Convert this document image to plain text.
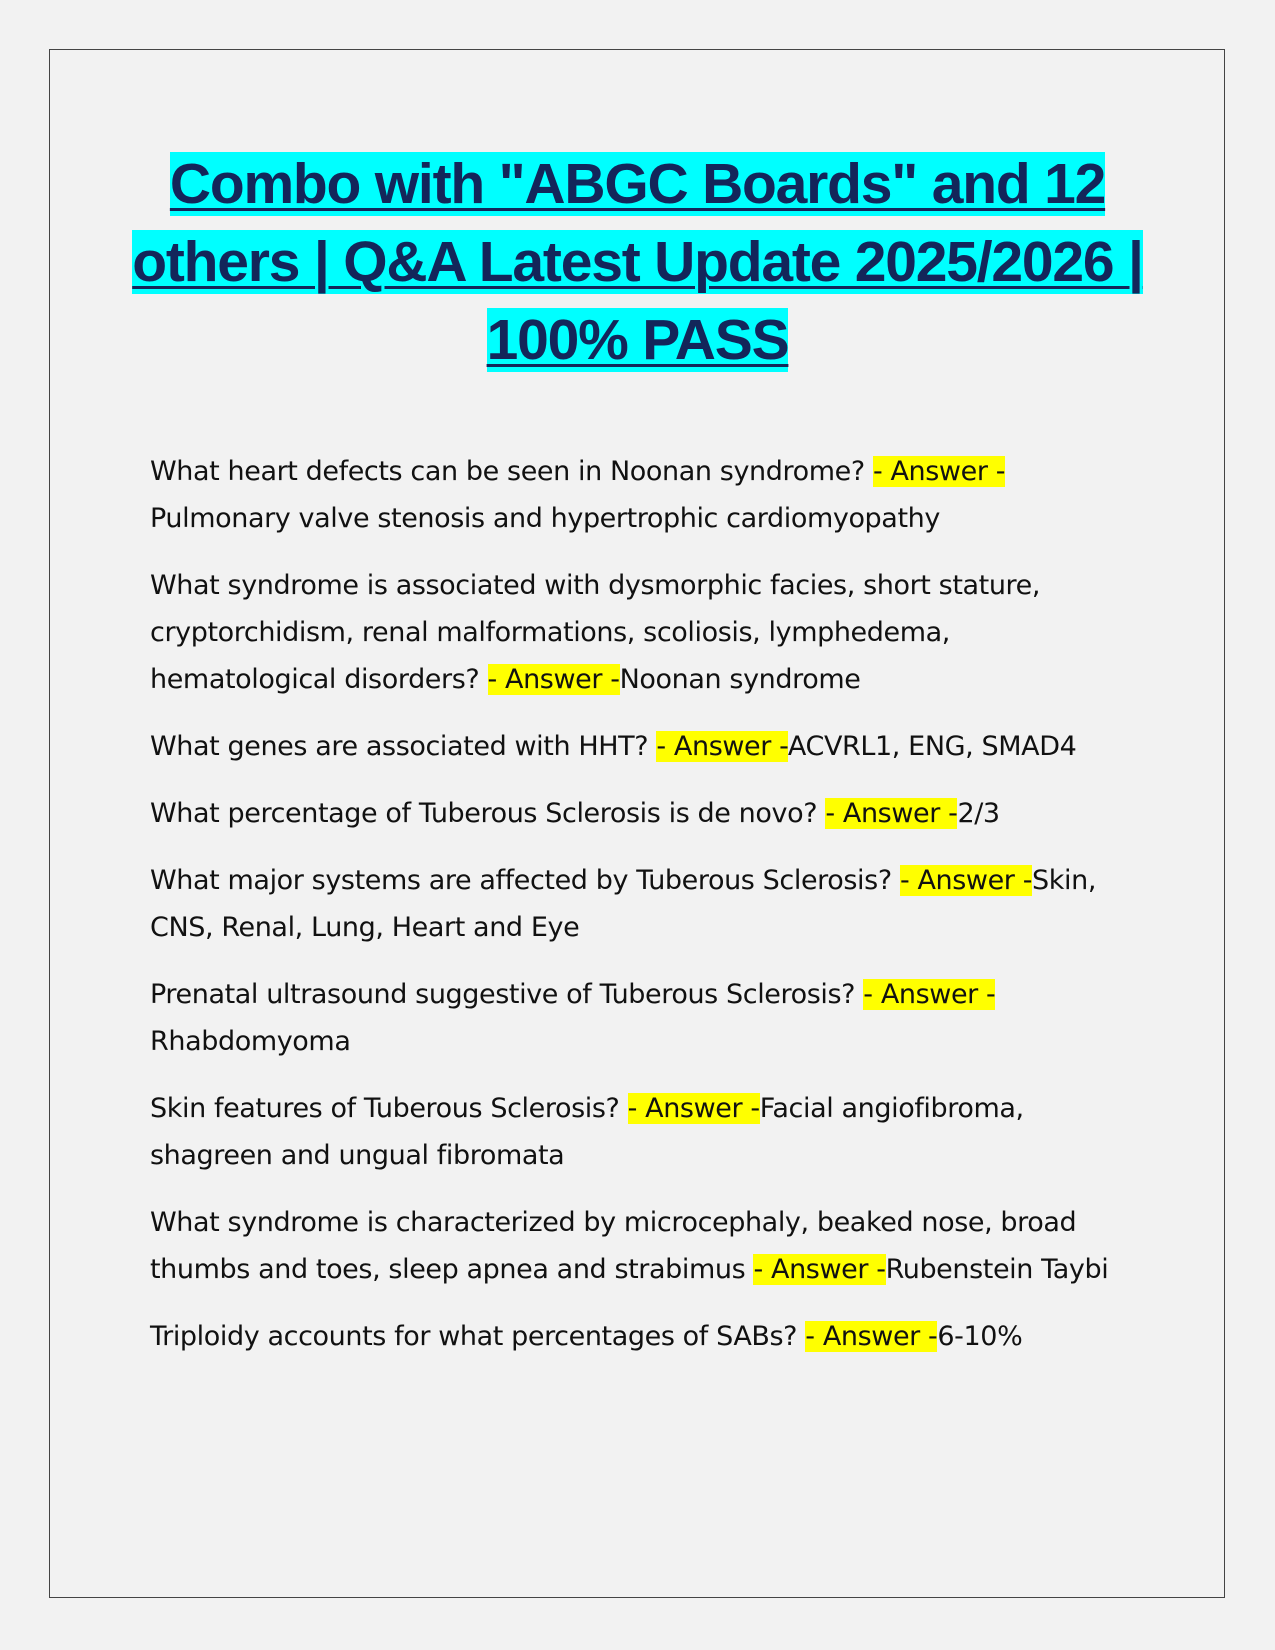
Combo with "ABGC Boards" and 12 others | Q&A Latest Update 2025/2026 | 100% PASS
What heart defects can be seen in Noonan syndrome? - Answer -Pulmonary valve stenosis and hypertrophic cardiomyopathy
What syndrome is associated with dysmorphic facies, short stature, cryptorchidism, renal malformations, scoliosis, lymphedema, hematological disorders? - Answer -Noonan syndrome
What genes are associated with HHT? - Answer -ACVRL1, ENG, SMAD4
What percentage of Tuberous Sclerosis is de novo? - Answer -2/3
What major systems are affected by Tuberous Sclerosis? - Answer -Skin, CNS, Renal, Lung, Heart and Eye
Prenatal ultrasound suggestive of Tuberous Sclerosis? - Answer -Rhabdomyoma
Skin features of Tuberous Sclerosis? - Answer -Facial angiofibroma, shagreen and ungual fibromata
What syndrome is characterized by microcephaly, beaked nose, broad thumbs and toes, sleep apnea and strabimus - Answer -Rubenstein Taybi
Triploidy accounts for what percentages of SABs? - Answer -6-10%
